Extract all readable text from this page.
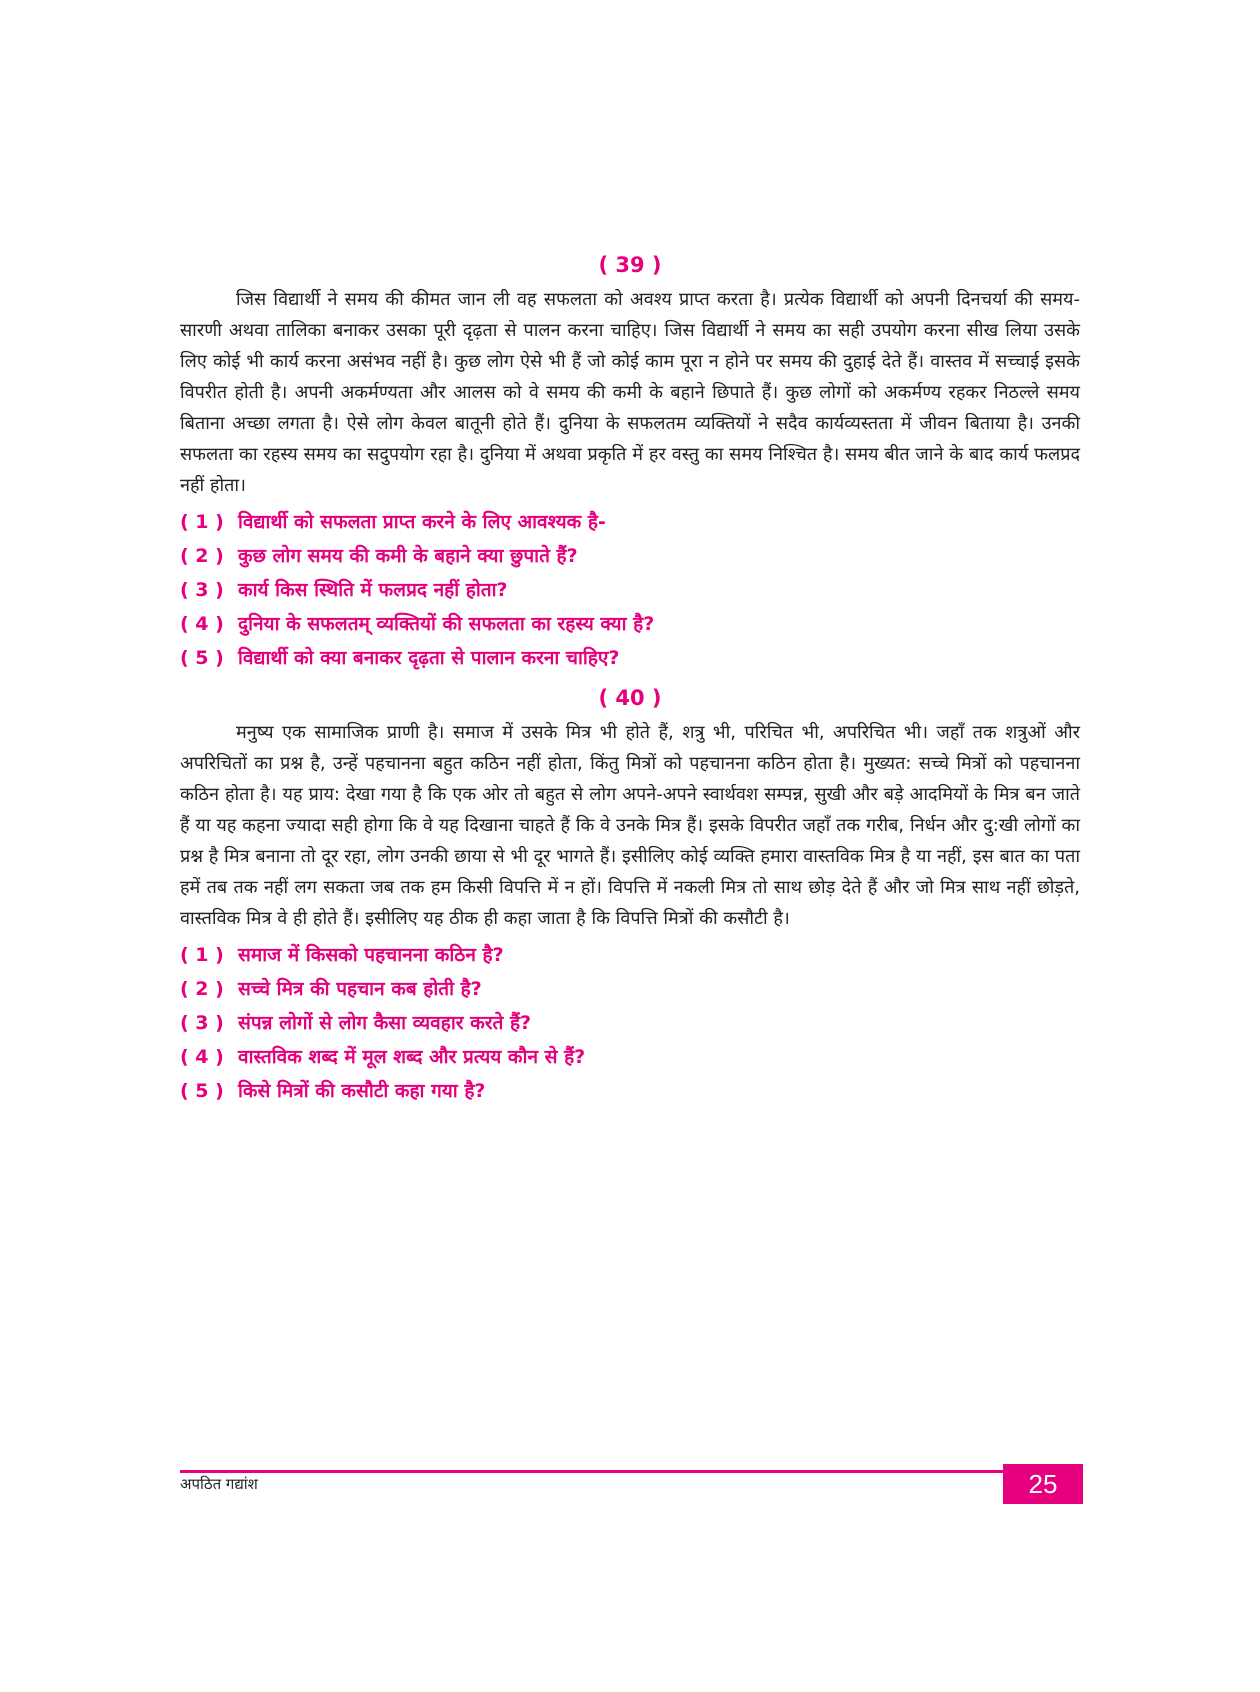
( 39 )

जिस विद्यार्थी ने समय की कीमत जान ली वह सफलता को अवश्य प्राप्त करता है। प्रत्येक विद्यार्थी को अपनी दिनचर्या की समय-सारणी अथवा तालिका बनाकर उसका पूरी दृढ़ता से पालन करना चाहिए। जिस विद्यार्थी ने समय का सही उपयोग करना सीख लिया उसके लिए कोई भी कार्य करना असंभव नहीं है। कुछ लोग ऐसे भी हैं जो कोई काम पूरा न होने पर समय की दुहाई देते हैं। वास्तव में सच्चाई इसके विपरीत होती है। अपनी अकर्मण्यता और आलस को वे समय की कमी के बहाने छिपाते हैं। कुछ लोगों को अकर्मण्य रहकर निठल्ले समय बिताना अच्छा लगता है। ऐसे लोग केवल बातूनी होते हैं। दुनिया के सफलतम व्यक्तियों ने सदैव कार्यव्यस्तता में जीवन बिताया है। उनकी सफलता का रहस्य समय का सदुपयोग रहा है। दुनिया में अथवा प्रकृति में हर वस्तु का समय निश्चित है। समय बीत जाने के बाद कार्य फलप्रद नहीं होता।

( 1 ) विद्यार्थी को सफलता प्राप्त करने के लिए आवश्यक है-
( 2 ) कुछ लोग समय की कमी के बहाने क्या छुपाते हैं?
( 3 ) कार्य किस स्थिति में फलप्रद नहीं होता?
( 4 ) दुनिया के सफलतम् व्यक्तियों की सफलता का रहस्य क्या है?
( 5 ) विद्यार्थी को क्या बनाकर दृढ़ता से पालान करना चाहिए?
( 40 )

मनुष्य एक सामाजिक प्राणी है। समाज में उसके मित्र भी होते हैं, शत्रु भी, परिचित भी, अपरिचित भी। जहाँ तक शत्रुओं और अपरिचितों का प्रश्न है, उन्हें पहचानना बहुत कठिन नहीं होता, किंतु मित्रों को पहचानना कठिन होता है। मुख्यत: सच्चे मित्रों को पहचानना कठिन होता है। यह प्राय: देखा गया है कि एक ओर तो बहुत से लोग अपने-अपने स्वार्थवश सम्पन्न, सुखी और बड़े आदमियों के मित्र बन जाते हैं या यह कहना ज्यादा सही होगा कि वे यह दिखाना चाहते हैं कि वे उनके मित्र हैं। इसके विपरीत जहाँ तक गरीब, निर्धन और दु:खी लोगों का प्रश्न है मित्र बनाना तो दूर रहा, लोग उनकी छाया से भी दूर भागते हैं। इसीलिए कोई व्यक्ति हमारा वास्तविक मित्र है या नहीं, इस बात का पता हमें तब तक नहीं लग सकता जब तक हम किसी विपत्ति में न हों। विपत्ति में नकली मित्र तो साथ छोड़ देते हैं और जो मित्र साथ नहीं छोड़ते, वास्तविक मित्र वे ही होते हैं। इसीलिए यह ठीक ही कहा जाता है कि विपत्ति मित्रों की कसौटी है।

( 1 ) समाज में किसको पहचानना कठिन है?
( 2 ) सच्चे मित्र की पहचान कब होती है?
( 3 ) संपन्न लोगों से लोग कैसा व्यवहार करते हैं?
( 4 ) वास्तविक शब्द में मूल शब्द और प्रत्यय कौन से हैं?
( 5 ) किसे मित्रों की कसौटी कहा गया है?
अपठित गद्यांश	25
